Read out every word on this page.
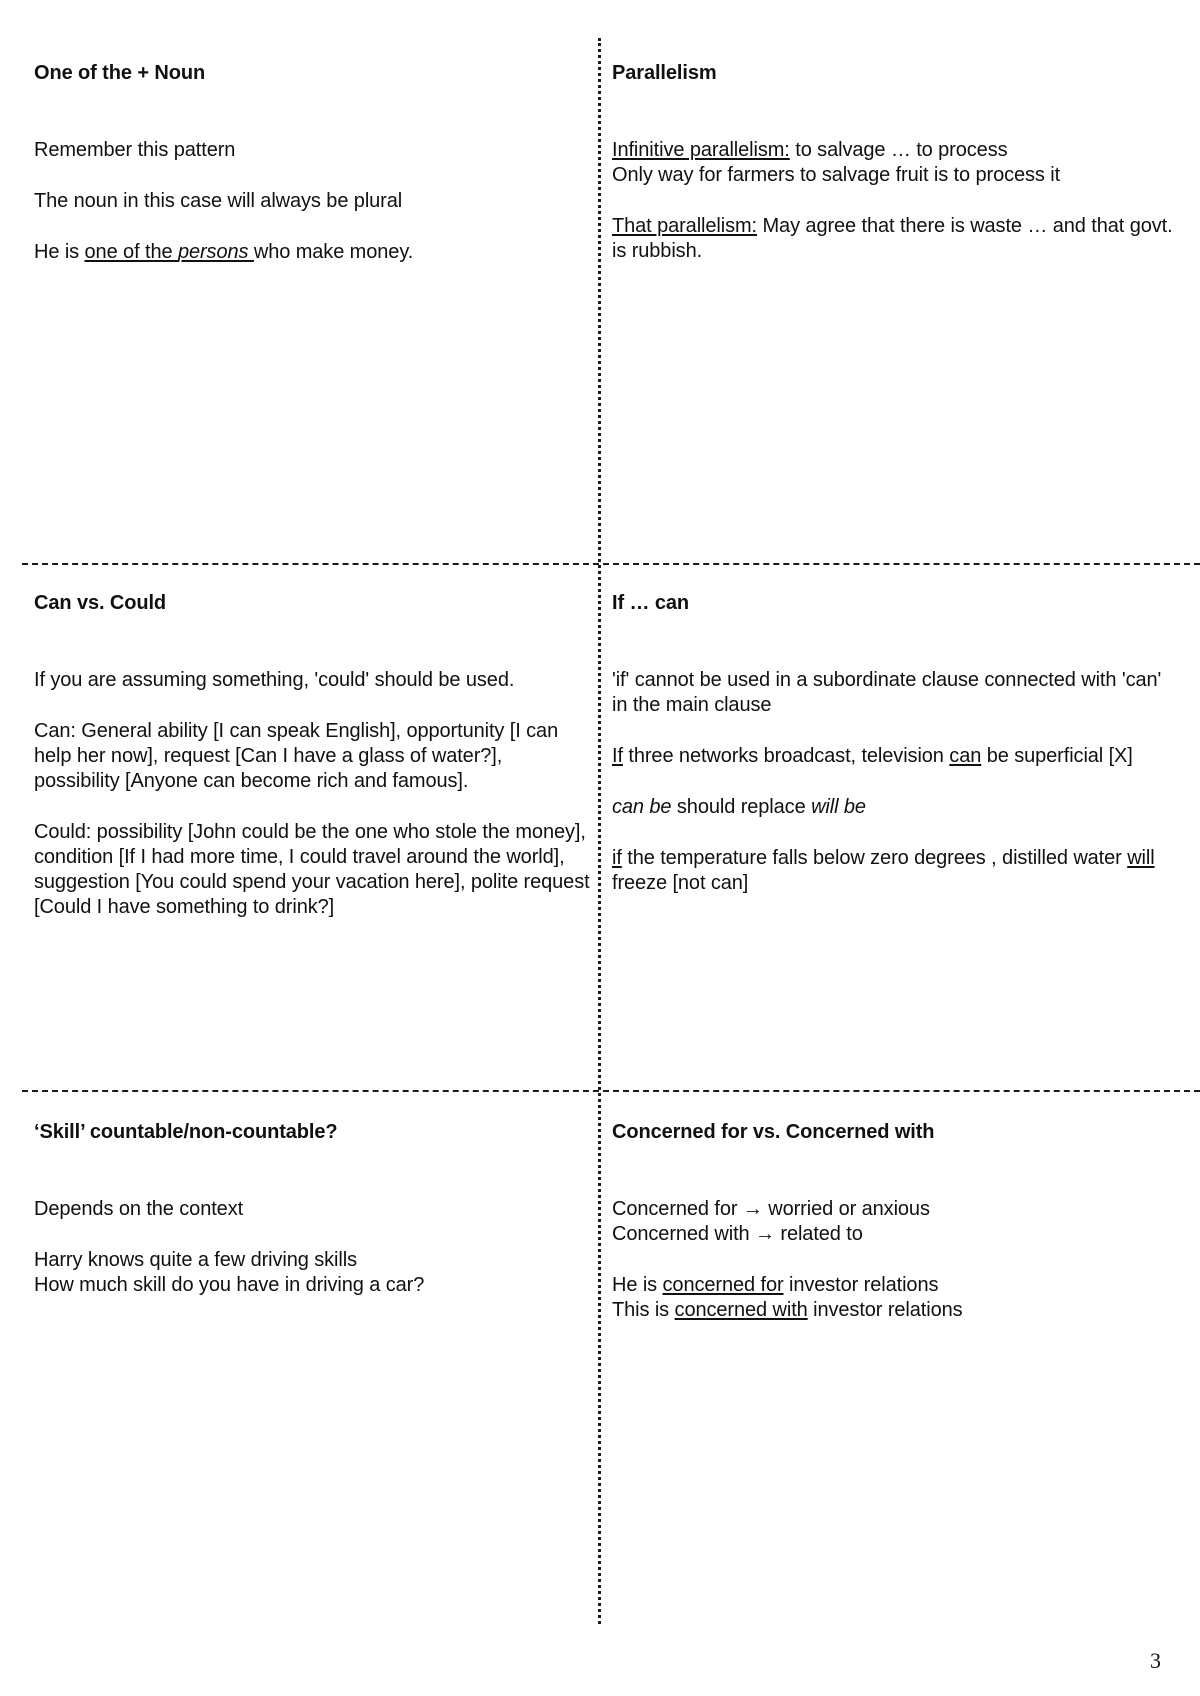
One of the + Noun

Remember this pattern

The noun in this case will always be plural

He is one of the persons who make money.

Parallelism

Infinitive parallelism: to salvage … to process
Only way for farmers to salvage fruit is to process it

That parallelism: May agree that there is waste … and that govt. is rubbish.

Can vs. Could

If you are assuming something, 'could' should be used.

Can: General ability [I can speak English], opportunity [I can help her now], request [Can I have a glass of water?], possibility [Anyone can become rich and famous].

Could: possibility [John could be the one who stole the money], condition [If I had more time, I could travel around the world], suggestion [You could spend your vacation here], polite request [Could I have something to drink?]

If … can

'if' cannot be used in a subordinate clause connected with 'can' in the main clause

If three networks broadcast, television can be superficial [X]

can be should replace will be

if the temperature falls below zero degrees , distilled water will freeze [not can]

‘Skill’ countable/non-countable?

Depends on the context

Harry knows quite a few driving skills
How much skill do you have in driving a car?

Concerned for vs. Concerned with

Concerned for → worried or anxious
Concerned with → related to

He is concerned for investor relations
This is concerned with investor relations

3
